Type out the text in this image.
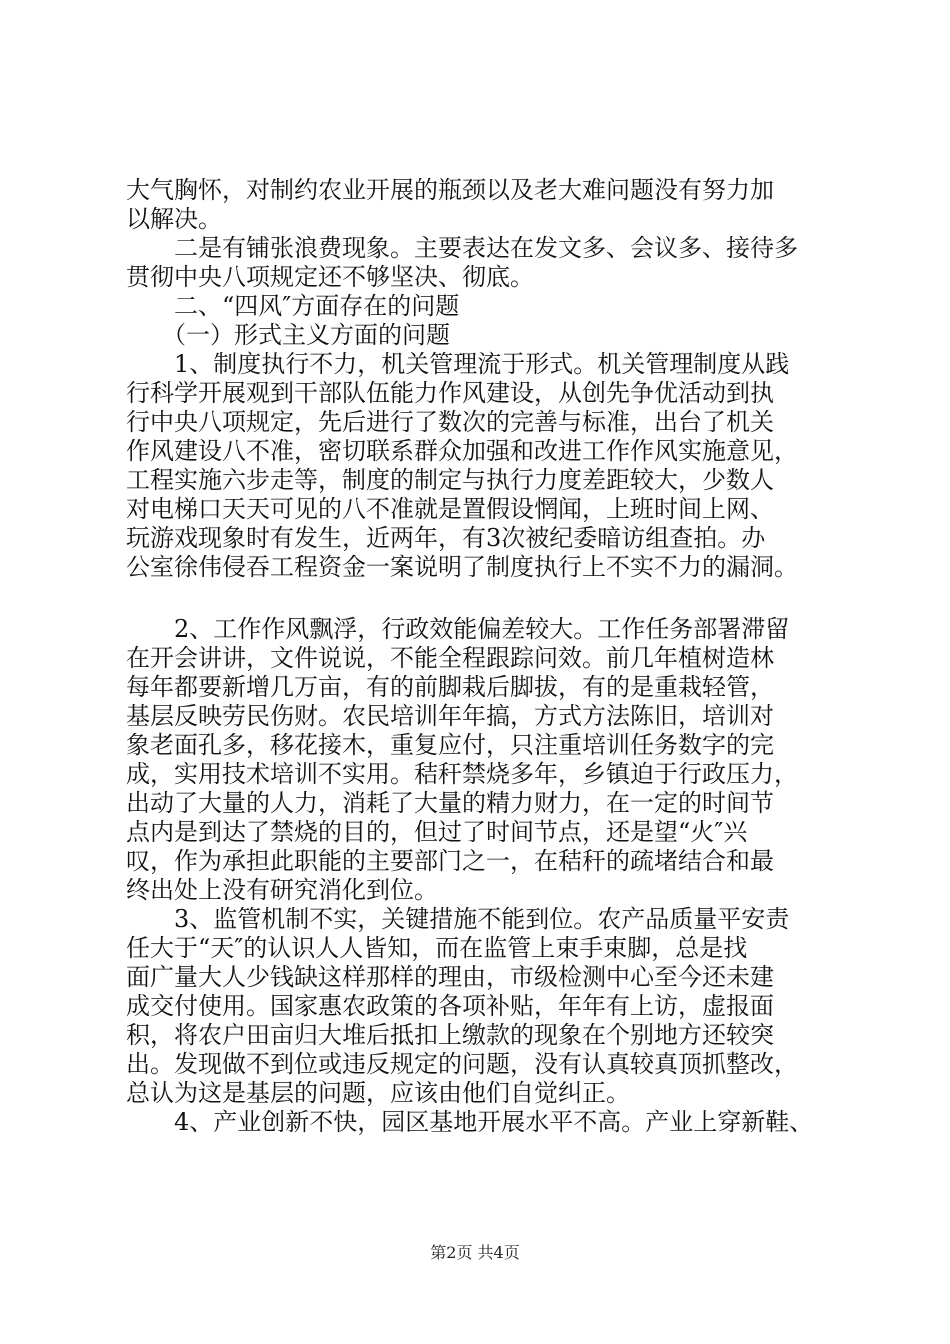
大气胸怀，对制约农业开展的瓶颈以及老大难问题没有努力加
以解决。
　　二是有铺张浪费现象。主要表达在发文多、会议多、接待多
贯彻中央八项规定还不够坚决、彻底。
　　二、“四风″方面存在的问题
　　（一）形式主义方面的问题
　　1、制度执行不力，机关管理流于形式。机关管理制度从践
行科学开展观到干部队伍能力作风建设，从创先争优活动到执
行中央八项规定，先后进行了数次的完善与标准，出台了机关
作风建设八不准，密切联系群众加强和改进工作作风实施意见，
工程实施六步走等，制度的制定与执行力度差距较大，少数人
对电梯口天天可见的八不准就是置假设惘闻，上班时间上网、
玩游戏现象时有发生，近两年，有3次被纪委暗访组查拍。办
公室徐伟侵吞工程资金一案说明了制度执行上不实不力的漏洞。
　　2、工作作风飘浮，行政效能偏差较大。工作任务部署滞留
在开会讲讲，文件说说，不能全程跟踪问效。前几年植树造林
每年都要新增几万亩，有的前脚栽后脚拔，有的是重栽轻管，
基层反映劳民伤财。农民培训年年搞，方式方法陈旧，培训对
象老面孔多，移花接木，重复应付，只注重培训任务数字的完
成，实用技术培训不实用。秸秆禁烧多年，乡镇迫于行政压力，
出动了大量的人力，消耗了大量的精力财力，在一定的时间节
点内是到达了禁烧的目的，但过了时间节点，还是望“火″兴
叹，作为承担此职能的主要部门之一，在秸秆的疏堵结合和最
终出处上没有研究消化到位。
　　3、监管机制不实，关键措施不能到位。农产品质量平安责
任大于“天″的认识人人皆知，而在监管上束手束脚，总是找
面广量大人少钱缺这样那样的理由，市级检测中心至今还未建
成交付使用。国家惠农政策的各项补贴，年年有上访，虚报面
积，将农户田亩归大堆后抵扣上缴款的现象在个别地方还较突
出。发现做不到位或违反规定的问题，没有认真较真顶抓整改，
总认为这是基层的问题，应该由他们自觉纠正。
　　4、产业创新不快，园区基地开展水平不高。产业上穿新鞋、
第2页 共4页
